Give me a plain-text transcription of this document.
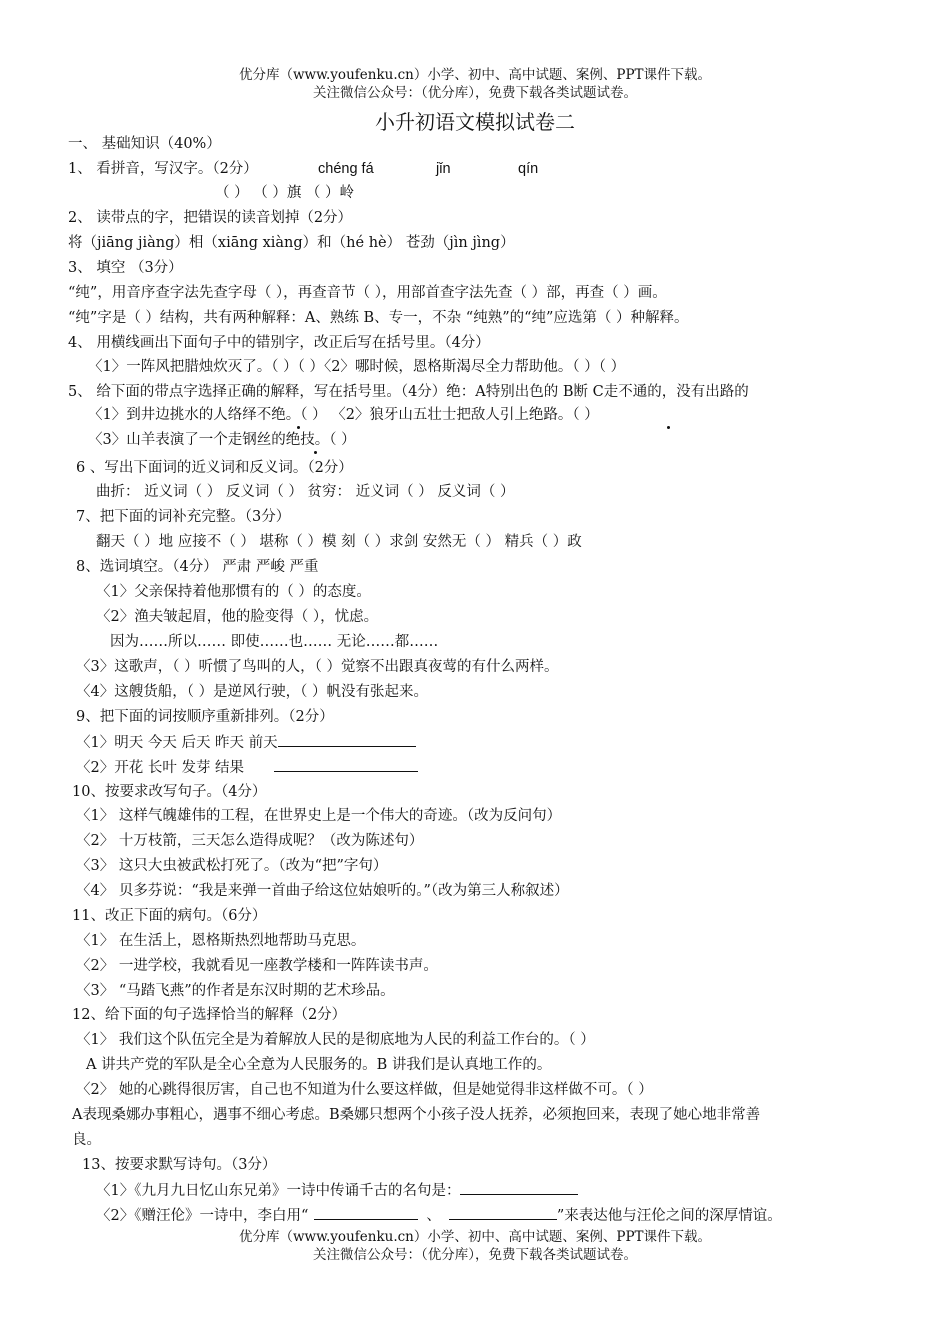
优分库（www.youfenku.cn）小学、初中、高中试题、案例、PPT课件下载。
关注微信公众号：（优分库），免费下载各类试题试卷。
小升初语文模拟试卷二
一、 基础知识（40%）
1、 看拼音，写汉字。（2分）	chéng fá	jǐn	qín
（ ） （ ）旗 （ ）岭
2、 读带点的字，把错误的读音划掉（2分）
将（jiāng jiàng）相（xiāng xiàng）和（hé hè） 苍劲（jìn jìng）
3、 填空 （3分）
“纯”，用音序查字法先查字母（ ），再查音节（ ），用部首查字法先查（ ）部，再查（ ）画。
“纯”字是（ ）结构，共有两种解释：A、熟练 B、专一，不杂 “纯熟”的“纯”应选第（ ）种解释。
4、 用横线画出下面句子中的错别字，改正后写在括号里。（4分）
〈1〉一阵风把腊烛炊灭了。（ ）（ ）〈2〉哪时候，恩格斯渴尽全力帮助他。（ ）（ ）
5、 给下面的带点字选择正确的解释，写在括号里。（4分）绝：A特别出色的 B断 C走不通的，没有出路的
〈1〉到井边挑水的人络绎不绝。（ ） 〈2〉狼牙山五壮士把敌人引上绝路。（ ）
〈3〉山羊表演了一个走钢丝的绝技。（ ）
6 、写出下面词的近义词和反义词。（2分）
曲折： 近义词（ ） 反义词（ ） 贫穷： 近义词（ ） 反义词（ ）
7、把下面的词补充完整。（3分）
翻天（ ）地 应接不（ ） 堪称（ ）模 刻（ ）求剑 安然无（ ） 精兵（ ）政
8、选词填空。（4分） 严肃 严峻 严重
〈1〉父亲保持着他那惯有的（ ）的态度。
〈2〉渔夫皱起眉，他的脸变得（ ），忧虑。
因为……所以…… 即使……也…… 无论……都……
〈3〉这歌声，（ ）听惯了鸟叫的人，（ ）觉察不出跟真夜莺的有什么两样。
〈4〉这艘货船，（ ）是逆风行驶，（ ）帆没有张起来。
9、把下面的词按顺序重新排列。（2分）
〈1〉明天 今天 后天 昨天 前天
〈2〉开花 长叶 发芽 结果
10、按要求改写句子。（4分）
〈1〉 这样气魄雄伟的工程，在世界史上是一个伟大的奇迹。（改为反问句）
〈2〉 十万枝箭，三天怎么造得成呢？（改为陈述句）
〈3〉 这只大虫被武松打死了。（改为“把”字句）
〈4〉 贝多芬说：“我是来弹一首曲子给这位姑娘听的。”（改为第三人称叙述）
11、改正下面的病句。（6分）
〈1〉 在生活上，恩格斯热烈地帮助马克思。
〈2〉 一进学校，我就看见一座教学楼和一阵阵读书声。
〈3〉 “马踏飞燕”的作者是东汉时期的艺术珍品。
12、给下面的句子选择恰当的解释（2分）
〈1〉 我们这个队伍完全是为着解放人民的是彻底地为人民的利益工作台的。（ ）
A 讲共产党的军队是全心全意为人民服务的。B 讲我们是认真地工作的。
〈2〉 她的心跳得很厉害，自己也不知道为什么要这样做，但是她觉得非这样做不可。（ ）
A表现桑娜办事粗心，遇事不细心考虑。B桑娜只想两个小孩子没人抚养，必须抱回来，表现了她心地非常善
良。
13、按要求默写诗句。（3分）
〈1〉《九月九日忆山东兄弟》一诗中传诵千古的名句是：
〈2〉《赠汪伦》一诗中，李白用“	、	”来表达他与汪伦之间的深厚情谊。
优分库（www.youfenku.cn）小学、初中、高中试题、案例、PPT课件下载。
关注微信公众号：（优分库），免费下载各类试题试卷。
